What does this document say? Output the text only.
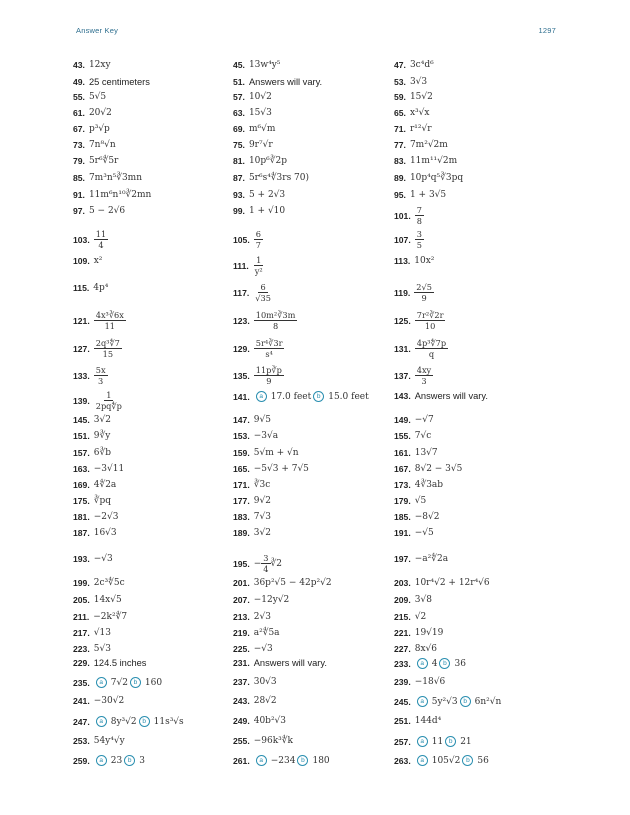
Answer Key	1297
43. 12xy
49. 25 centimeters
55. 5√5
61. 20√2
67. p³√p
73. 7n⁸√n
79. 5r⁶∜5r
85. 7m³n⁵∛3mn
91. 11m⁶n¹⁰∛2mn
97. 5 − 2√6
103. $\frac{11}{4}$
109. x²
115. 4p⁴
121. $\frac{\text{4x³∛6x}}{11}$
127. $\frac{\text{2q³∜7}}{15}$
133. $\frac{5x}{3}$
139. $\frac{1}{2pq∜p}$
145. 3√2
151. 9∛y
157. 6∛b
163. −3√11
169. 4∜2a
175. ∛pq
181. −2√3
187. 16√3
193. −√3
199. 2c³∜5c
205. 14x√5
211. −2k²∜7
217. √13
223. 5√3
229. 124.5 inches
235.	a 7√2 b 160
241. −30√2
247.	a 8y³√2 b 11s³√s
253. 54y⁴√y
259.	a 23 b 3
45. 13w⁴y⁵
51. Answers will vary.
57. 10√2
63. 15√3
69. m⁶√m
75. 9r⁷√r
81. 10p⁶∛2p
87. 5r⁶s⁴∜3rs 70)
93. 5 + 2√3
99. 1 + √10
105. $\frac{6}{7}$
111. $\frac{1}{\text{y²}}$
117. $\frac{6}{√35}$
123. $\frac{\text{10m²∛3m}}{8}$
129. $\frac{\text{5r⁴∛3r}}{\text{s⁴}}$
135. $\frac{11p∛p}{9}$
141.	a 17.0 feet b 15.0 feet
147. 9√5
153. −3√a
159. 5√m + √n
165. −5√3 + 7√5
171. ∛3c
177. 9√2
183. 7√3
189. 3√2
195. − $\frac{3}{4}$ ∛2
201. 36p²√5 − 42p²√2
207. −12y√2
213. 2√3
219. a²∜5a
225. −√3
231. Answers will vary.
237. 30√3
243. 28√2
249. 40b²√3
255. −96k³∜k
261.	a −234 b 180
47. 3c⁴d⁶
53. 3√3
59. 15√2
65. x³√x
71. r¹²√r
77. 7m²√2m
83. 11m¹¹√2m
89. 10p⁴q⁵∛3pq
95. 1 + 3√5
101. $\frac{7}{8}$
107. $\frac{3}{5}$
113. 10x²
119. $\frac{2√5}{9}$
125. $\frac{\text{7r²∛2r}}{10}$
131. $\frac{\text{4p³∜7p}}{q}$
137. $\frac{4xy}{3}$
143. Answers will vary.
149. −√7
155. 7√c
161. 13√7
167. 8√2 − 3√5
173. 4∛3ab
179. √5
185. −8√2
191. −√5
197. −a²∜2a
203. 10r⁴√2 + 12r⁴√6
209. 3√8
215. √2
221. 19√19
227. 8x√6
233.	a 4 b 36
239. −18√6
245.	a 5y²√3 b 6n²√n
251. 144d⁴
257.	a 11 b 21
263.	a 105√2 b 56
